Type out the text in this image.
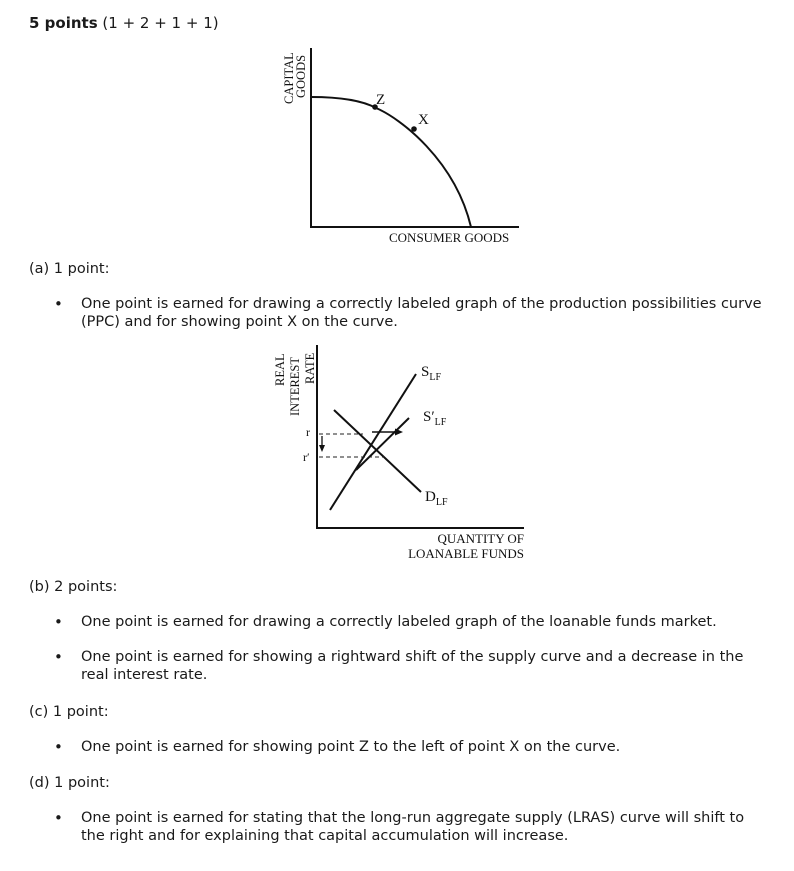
5 points (1 + 2 + 1 + 1)
Z
X
CAPITAL
GOODS
CONSUMER GOODS
(a) 1 point:
• One point is earned for drawing a correctly labeled graph of the production possibilities curve (PPC) and for showing point X on the curve.
r
r′
$S_{LF}$
$S'_{LF}$
$D_{LF}$
REAL INTEREST RATE
QUANTITY OF
LOANABLE FUNDS
(b) 2 points:
• One point is earned for drawing a correctly labeled graph of the loanable funds market.
• One point is earned for showing a rightward shift of the supply curve and a decrease in the real interest rate.
(c) 1 point:
• One point is earned for showing point Z to the left of point X on the curve.
(d) 1 point:
• One point is earned for stating that the long-run aggregate supply (LRAS) curve will shift to the right and for explaining that capital accumulation will increase.
